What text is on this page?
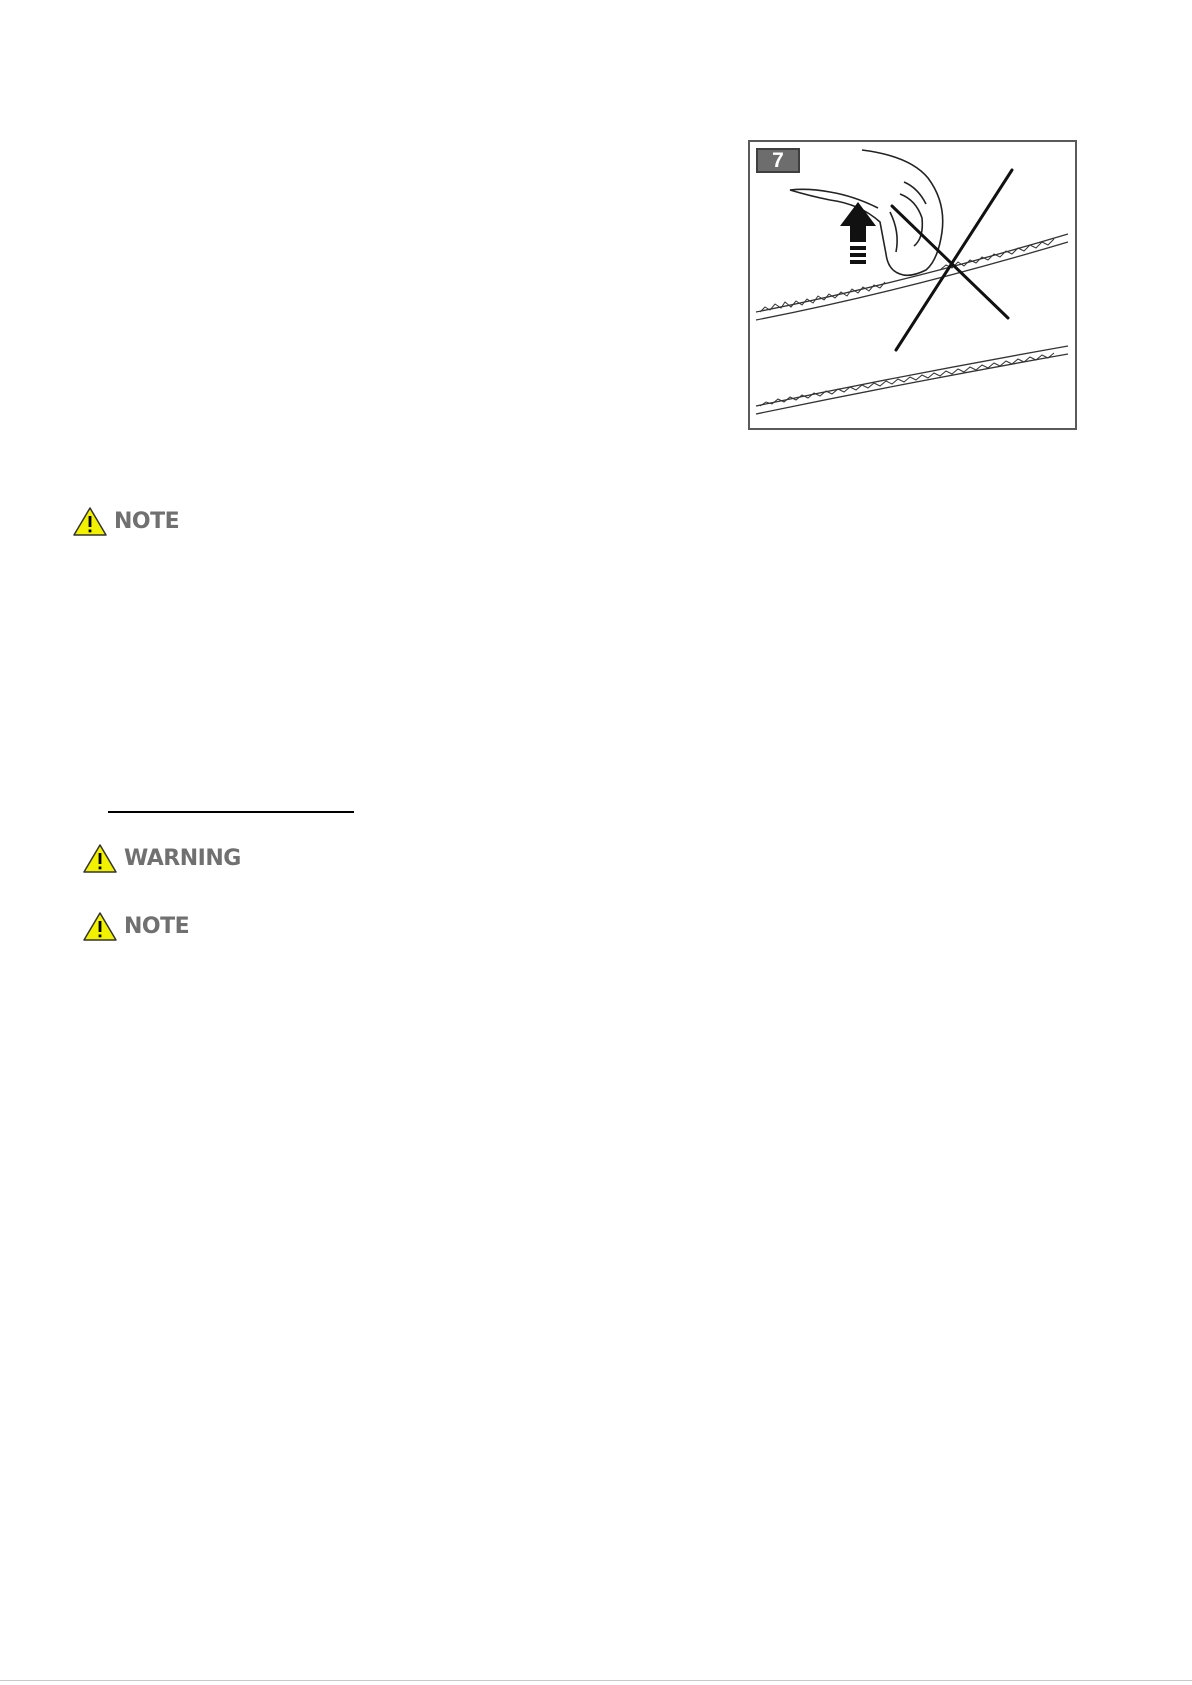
7
NOTE
WARNING
NOTE
